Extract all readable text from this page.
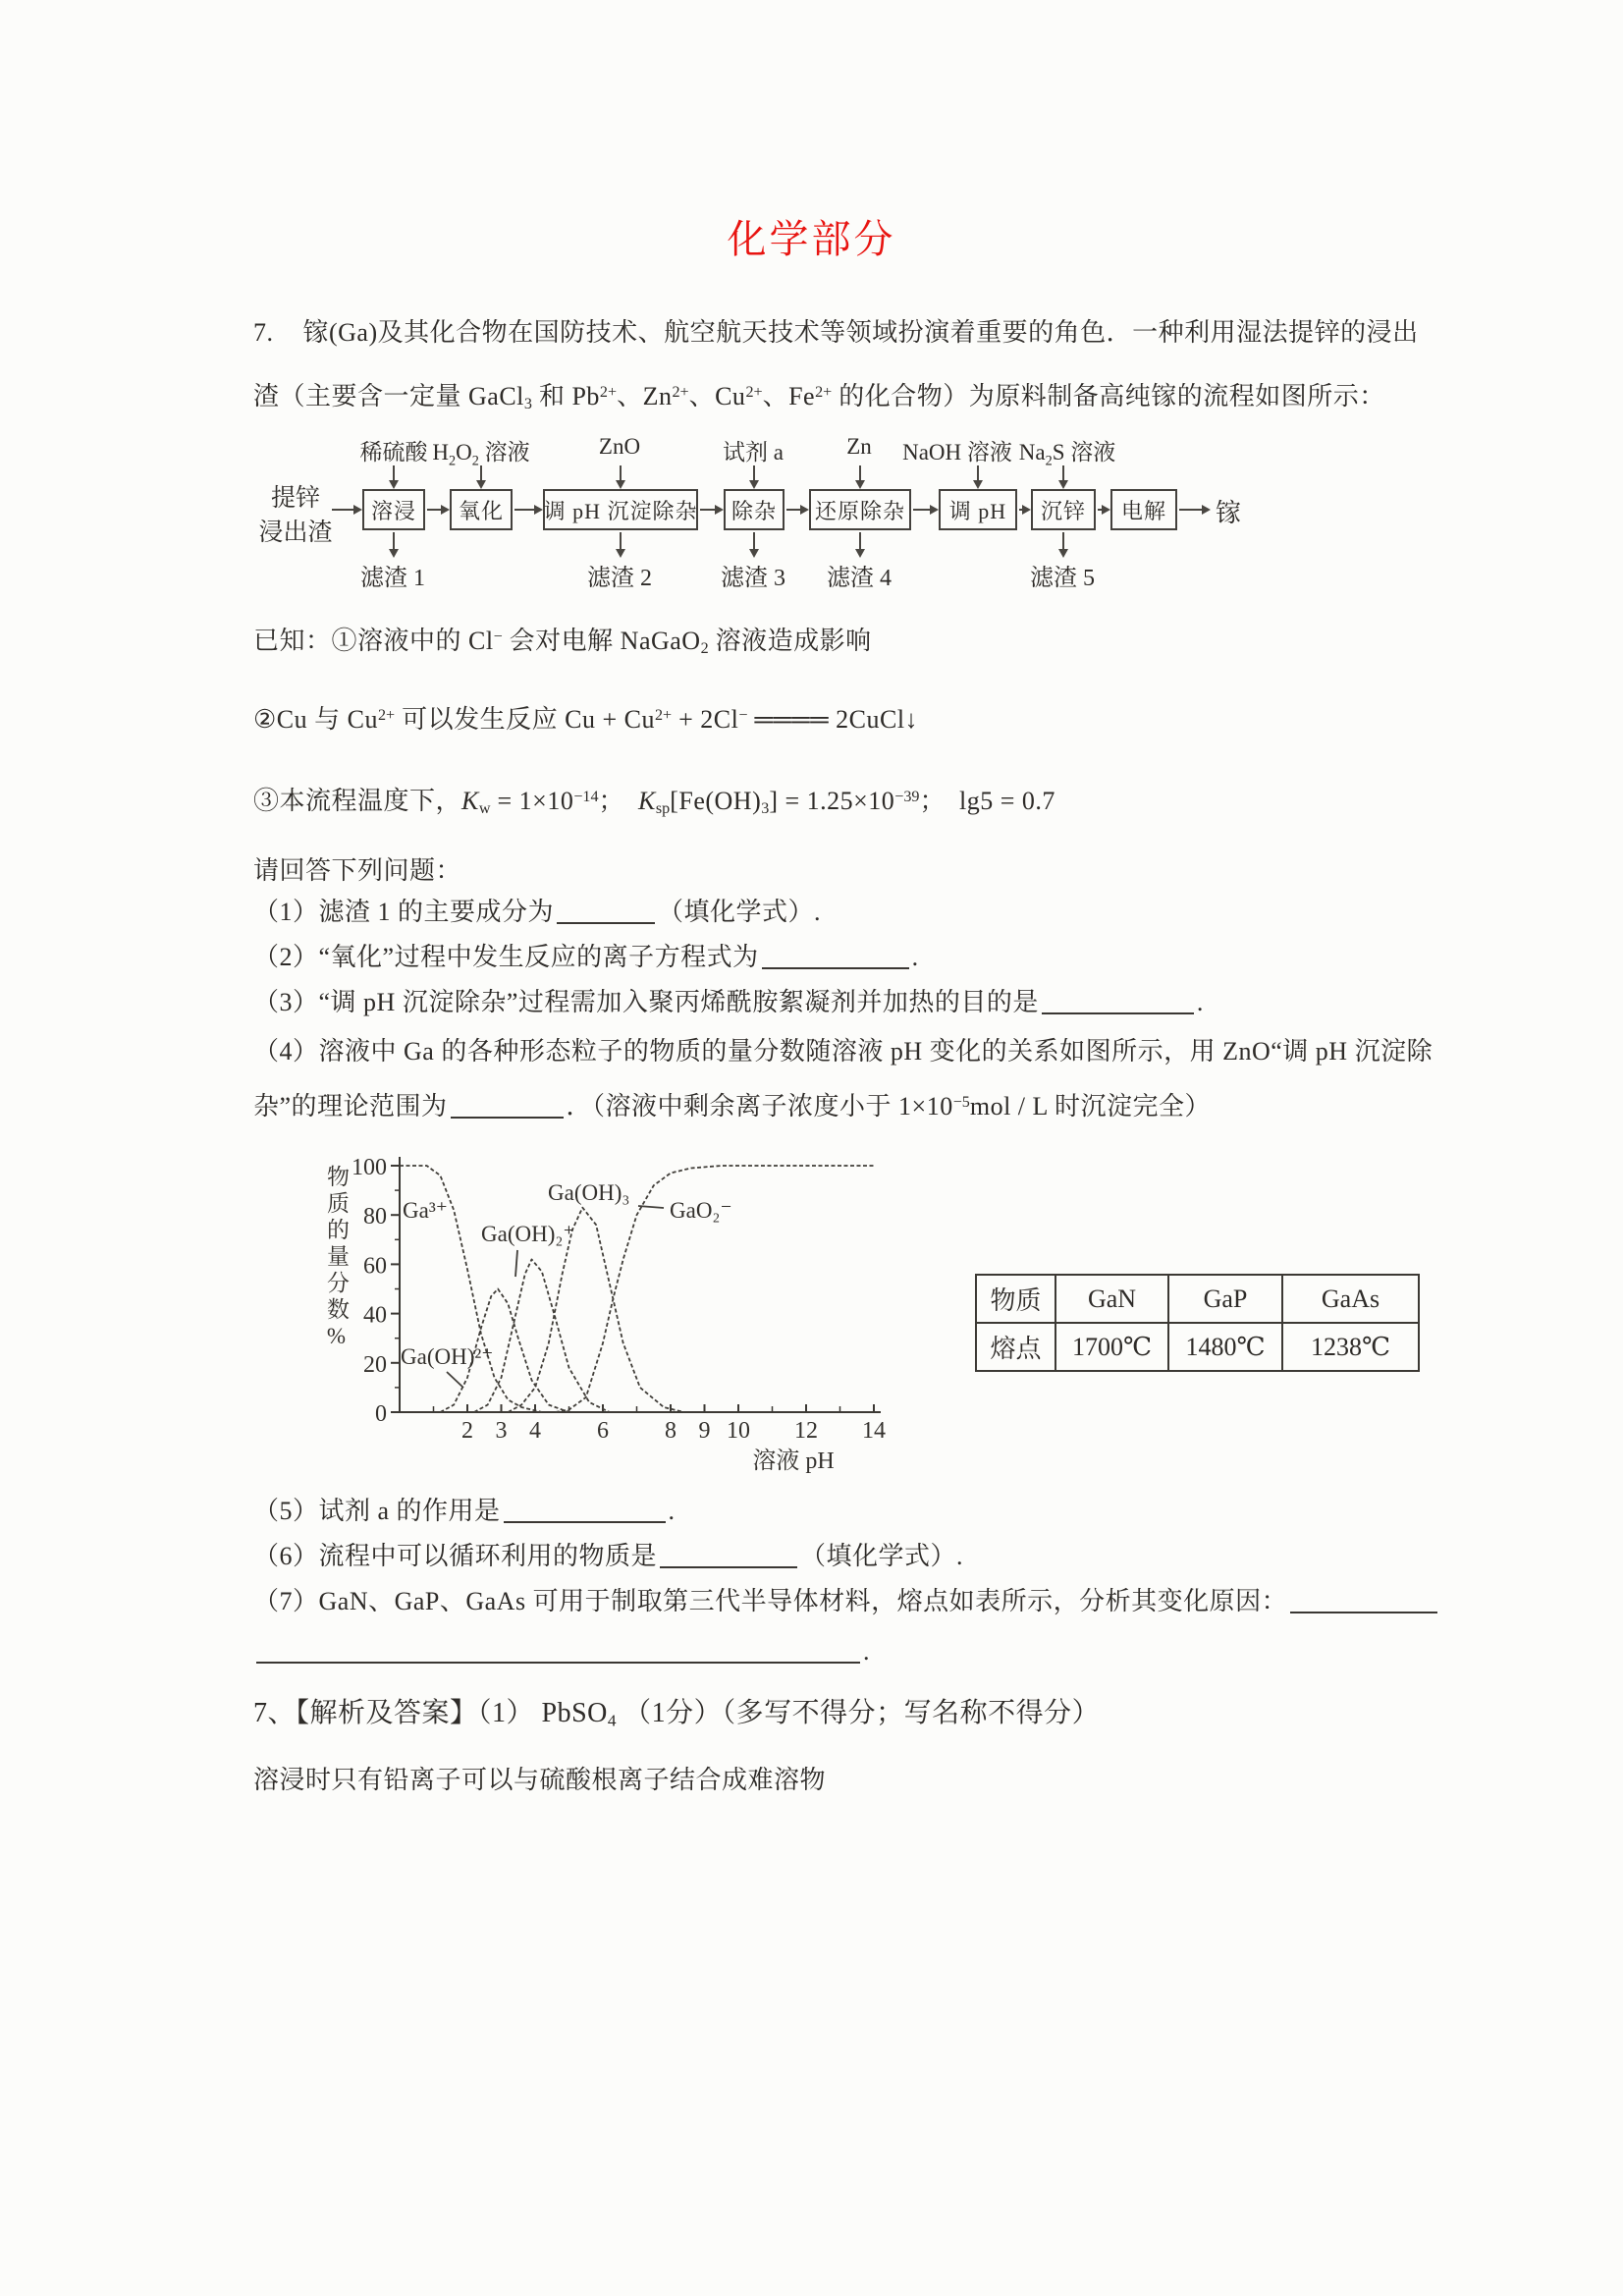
化学部分
7. 镓(Ga)及其化合物在国防技术、航空航天技术等领域扮演着重要的角色．一种利用湿法提锌的浸出
渣（主要含一定量 GaCl$_3$ 和 $Pb^{2+}$、$Zn^{2+}$、$Cu^{2+}$、$Fe^{2+}$ 的化合物）为原料制备高纯镓的流程如图所示：
提锌
浸出渣
稀硫酸 $H_2O_2$ 溶液	ZnO	试剂 a	Zn	NaOH 溶液 $Na_2S$ 溶液
溶浸	氧化	调 pH 沉淀除杂	除杂	还原除杂	调 pH	沉锌	电解
滤渣 1	滤渣 2	滤渣 3	滤渣 4	滤渣 5
镓
已知：①溶液中的 Cl− 会对电解 NaGaO$_2$ 溶液造成影响
②Cu 与 $Cu^{2+}$ 可以发生反应 $Cu + Cu^{2+} + 2Cl^-$ ════ 2CuCl↓
③本流程温度下，$K_w = 1\times 10^{-14}$；  $K_{sp}[Fe(OH)_3] = 1.25\times 10^{-39}$；  lg5 = 0.7
请回答下列问题：
（1）滤渣 1 的主要成分为	（填化学式）.
（2）“氧化”过程中发生反应的离子方程式为	.
（3）“调 pH 沉淀除杂”过程需加入聚丙烯酰胺絮凝剂并加热的目的是	.
（4）溶液中 Ga 的各种形态粒子的物质的量分数随溶液 pH 变化的关系如图所示，用 ZnO“调 pH 沉淀除
杂”的理论范围为	．（溶液中剩余离子浓度小于 $1\times 10^{-5}mol / L$ 时沉淀完全）
0
20
40
60
80
100
2 3 4 6 8 9 10 12 14
溶液 pH
Ga³⁺
Ga(OH)²⁺
Ga(OH)₂⁺
Ga(OH)₃
GaO₂⁻
物质的量分数%	物质	GaN	GaP	GaAs
熔点	1700℃	1480℃	1238℃
（5）试剂 a 的作用是	.
（6）流程中可以循环利用的物质是	（填化学式）.
（7）GaN、GaP、GaAs 可用于制取第三代半导体材料，熔点如表所示，分析其变化原因：
.
7、【解析及答案】（1） PbSO$_4$ （1分）（多写不得分；写名称不得分）
溶浸时只有铅离子可以与硫酸根离子结合成难溶物
